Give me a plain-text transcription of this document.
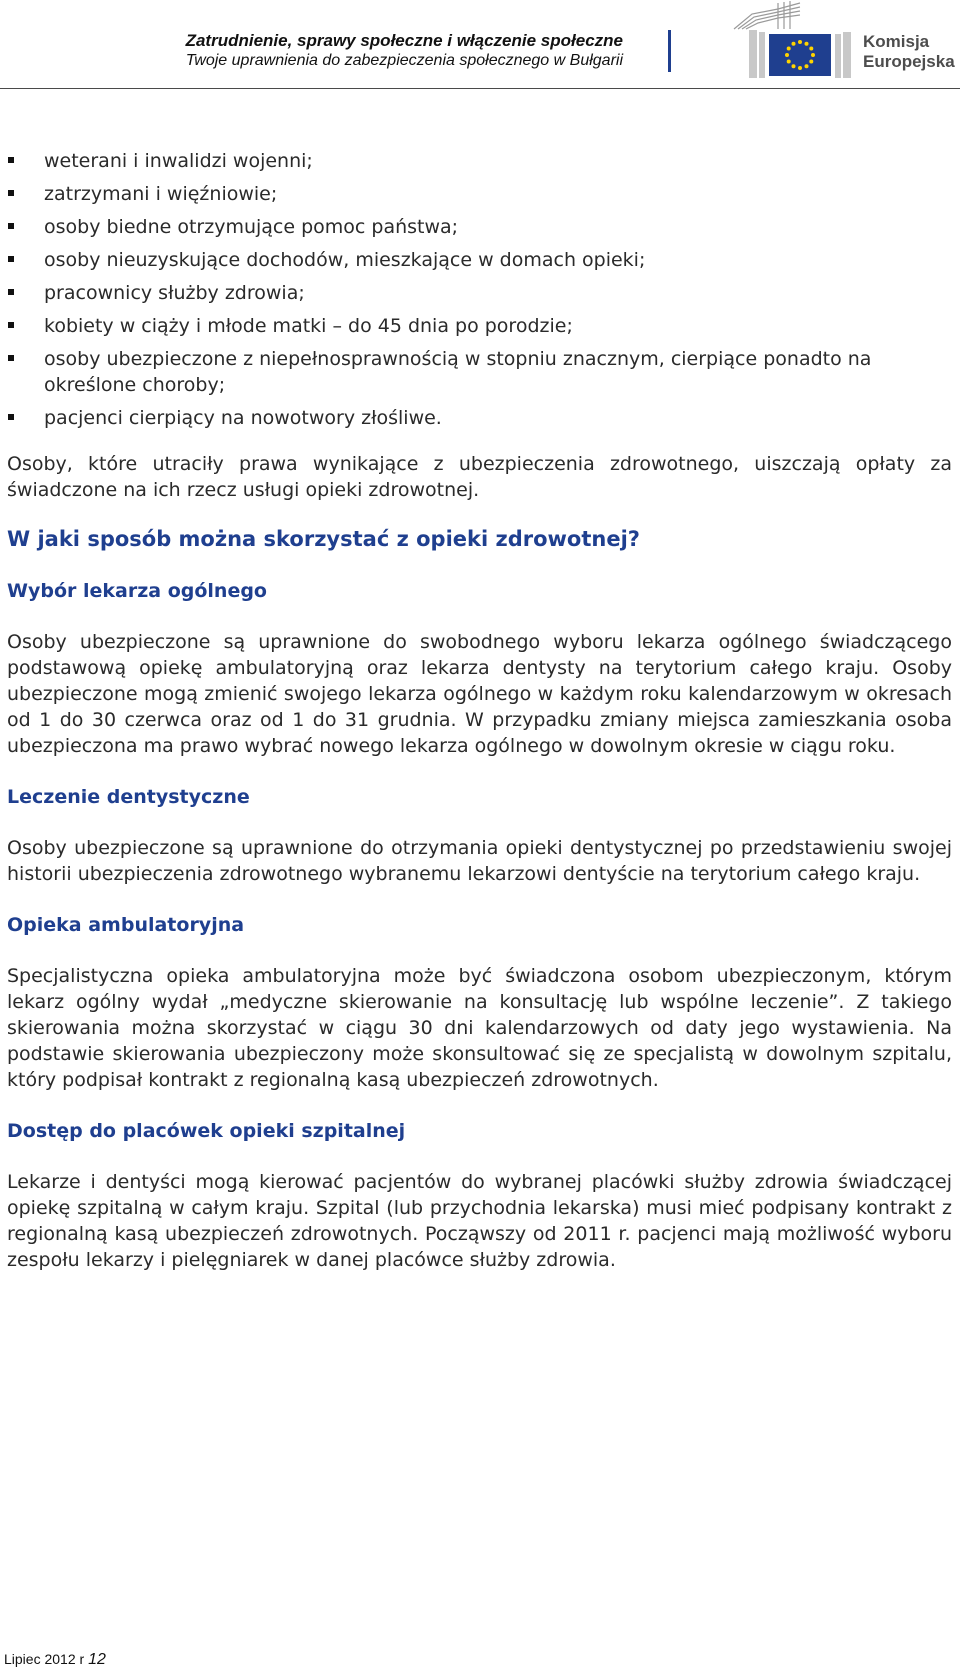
Zatrudnienie, sprawy społeczne i włączenie społeczne
Twoje uprawnienia do zabezpieczenia społecznego w Bułgarii
Komisja
Europejska
weterani i inwalidzi wojenni;
zatrzymani i więźniowie;
osoby biedne otrzymujące pomoc państwa;
osoby nieuzyskujące dochodów, mieszkające w domach opieki;
pracownicy służby zdrowia;
kobiety w ciąży i młode matki – do 45 dnia po porodzie;
osoby ubezpieczone z niepełnosprawnością w stopniu znacznym, cierpiące ponadto na określone choroby;
pacjenci cierpiący na nowotwory złośliwe.

Osoby, które utraciły prawa wynikające z ubezpieczenia zdrowotnego, uiszczają opłaty za świadczone na ich rzecz usługi opieki zdrowotnej.

W jaki sposób można skorzystać z opieki zdrowotnej?
Wybór lekarza ogólnego

Osoby ubezpieczone są uprawnione do swobodnego wyboru lekarza ogólnego świadczącego podstawową opiekę ambulatoryjną oraz lekarza dentysty na terytorium całego kraju. Osoby ubezpieczone mogą zmienić swojego lekarza ogólnego w każdym roku kalendarzowym w okresach od 1 do 30 czerwca oraz od 1 do 31 grudnia. W przypadku zmiany miejsca zamieszkania osoba ubezpieczona ma prawo wybrać nowego lekarza ogólnego w dowolnym okresie w ciągu roku.

Leczenie dentystyczne

Osoby ubezpieczone są uprawnione do otrzymania opieki dentystycznej po przedstawieniu swojej historii ubezpieczenia zdrowotnego wybranemu lekarzowi dentyście na terytorium całego kraju.

Opieka ambulatoryjna

Specjalistyczna opieka ambulatoryjna może być świadczona osobom ubezpieczonym, którym lekarz ogólny wydał „medyczne skierowanie na konsultację lub wspólne leczenie”. Z takiego skierowania można skorzystać w ciągu 30 dni kalendarzowych od daty jego wystawienia. Na podstawie skierowania ubezpieczony może skonsultować się ze specjalistą w dowolnym szpitalu, który podpisał kontrakt z regionalną kasą ubezpieczeń zdrowotnych.

Dostęp do placówek opieki szpitalnej

Lekarze i dentyści mogą kierować pacjentów do wybranej placówki służby zdrowia świadczącej opiekę szpitalną w całym kraju. Szpital (lub przychodnia lekarska) musi mieć podpisany kontrakt z regionalną kasą ubezpieczeń zdrowotnych. Począwszy od 2011 r. pacjenci mają możliwość wyboru zespołu lekarzy i pielęgniarek w danej placówce służby zdrowia.

Lipiec 2012 r 12
